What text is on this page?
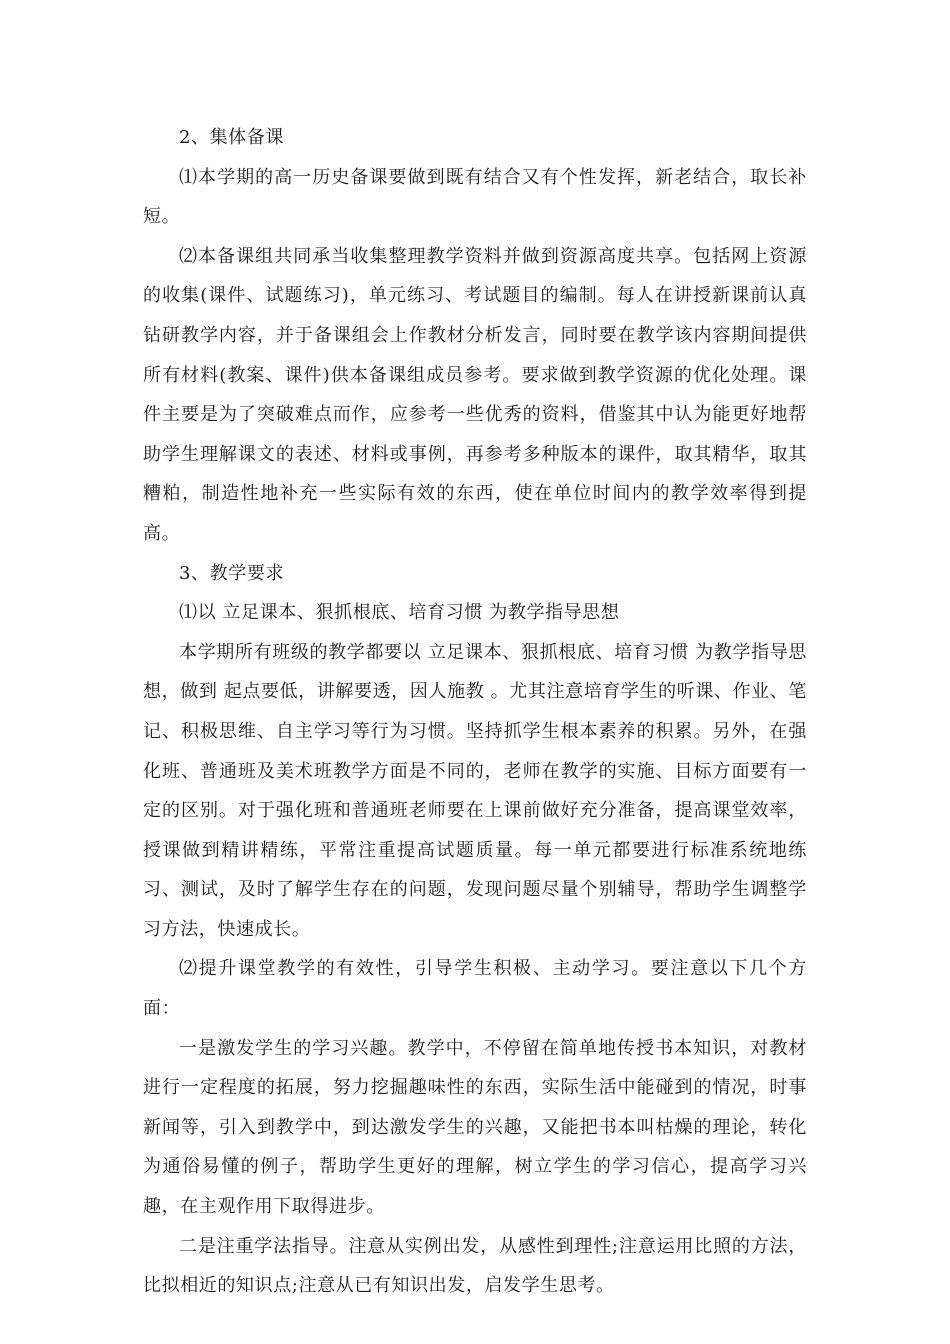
2、集体备课

⑴本学期的高一历史备课要做到既有结合又有个性发挥，新老结合，取长补短。

⑵本备课组共同承当收集整理教学资料并做到资源高度共享。包括网上资源的收集(课件、试题练习)，单元练习、考试题目的编制。每人在讲授新课前认真钻研教学内容，并于备课组会上作教材分析发言，同时要在教学该内容期间提供所有材料(教案、课件)供本备课组成员参考。要求做到教学资源的优化处理。课件主要是为了突破难点而作，应参考一些优秀的资料，借鉴其中认为能更好地帮助学生理解课文的表述、材料或事例，再参考多种版本的课件，取其精华，取其糟粕，制造性地补充一些实际有效的东西，使在单位时间内的教学效率得到提高。

3、教学要求

⑴以 立足课本、狠抓根底、培育习惯 为教学指导思想

本学期所有班级的教学都要以 立足课本、狠抓根底、培育习惯 为教学指导思想，做到 起点要低，讲解要透，因人施教 。尤其注意培育学生的听课、作业、笔记、积极思维、自主学习等行为习惯。坚持抓学生根本素养的积累。另外，在强化班、普通班及美术班教学方面是不同的，老师在教学的实施、目标方面要有一定的区别。对于强化班和普通班老师要在上课前做好充分准备，提高课堂效率，授课做到精讲精练，平常注重提高试题质量。每一单元都要进行标准系统地练习、测试，及时了解学生存在的问题，发现问题尽量个别辅导，帮助学生调整学习方法，快速成长。

⑵提升课堂教学的有效性，引导学生积极、主动学习。要注意以下几个方面：

一是激发学生的学习兴趣。教学中，不停留在简单地传授书本知识，对教材进行一定程度的拓展，努力挖掘趣味性的东西，实际生活中能碰到的情况，时事新闻等，引入到教学中，到达激发学生的兴趣，又能把书本叫枯燥的理论，转化为通俗易懂的例子，帮助学生更好的理解，树立学生的学习信心，提高学习兴趣，在主观作用下取得进步。

二是注重学法指导。注意从实例出发，从感性到理性;注意运用比照的方法，比拟相近的知识点;注意从已有知识出发，启发学生思考。
